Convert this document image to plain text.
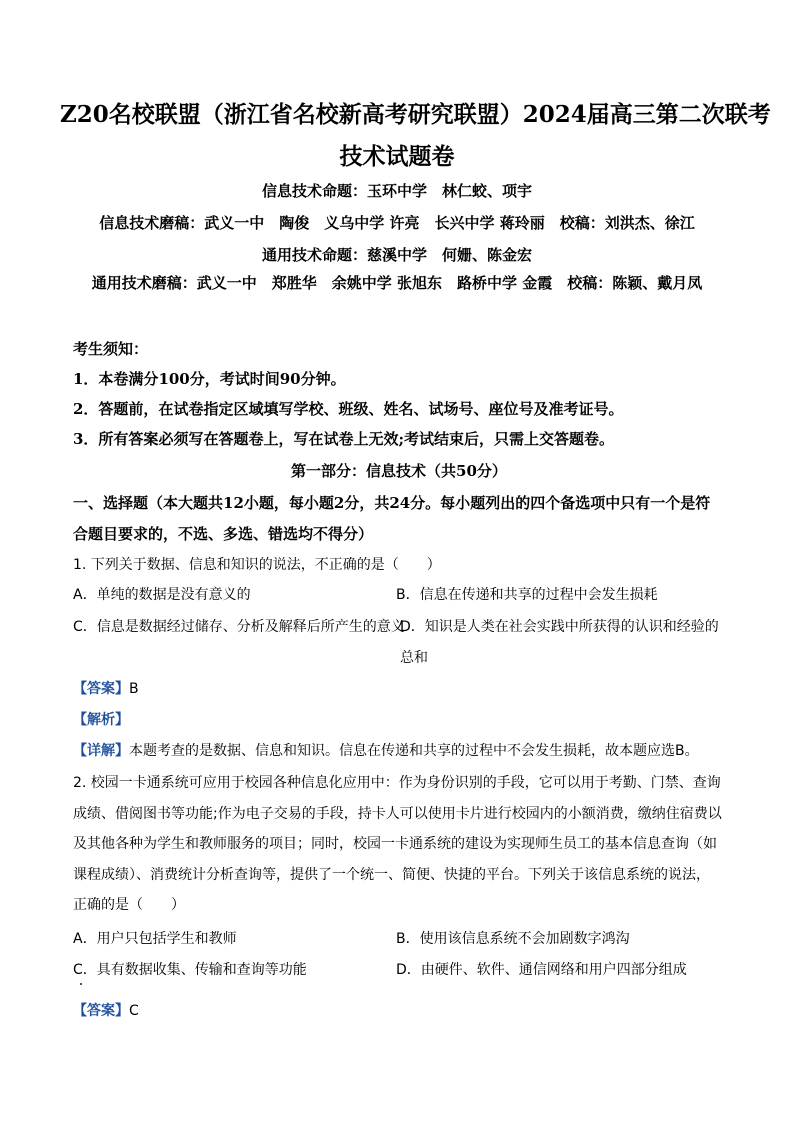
Z20名校联盟（浙江省名校新高考研究联盟）2024届高三第二次联考
技术试题卷
信息技术命题：玉环中学　林仁蛟、项宇
信息技术磨稿：武义一中　陶俊　义乌中学 许亮　长兴中学 蒋玲丽　校稿：刘洪杰、徐江
通用技术命题：慈溪中学　何姗、陈金宏
通用技术磨稿：武义一中　郑胜华　余姚中学 张旭东　路桥中学 金霞　校稿：陈颖、戴月凤
考生须知：
1．本卷满分100分，考试时间90分钟。
2．答题前，在试卷指定区域填写学校、班级、姓名、试场号、座位号及准考证号。
3．所有答案必须写在答题卷上，写在试卷上无效;考试结束后，只需上交答题卷。
第一部分：信息技术（共50分）
一、选择题（本大题共12小题，每小题2分，共24分。每小题列出的四个备选项中只有一个是符合题目要求的，不选、多选、错选均不得分）
1. 下列关于数据、信息和知识的说法，不正确的是（　　）
A．单纯的数据是没有意义的	B．信息在传递和共享的过程中会发生损耗
C．信息是数据经过储存、分析及解释后所产生的意义
D．知识是人类在社会实践中所获得的认识和经验的总和
【答案】B
【解析】
【详解】本题考查的是数据、信息和知识。信息在传递和共享的过程中不会发生损耗，故本题应选B。
2. 校园一卡通系统可应用于校园各种信息化应用中：作为身份识别的手段，它可以用于考勤、门禁、查询成绩、借阅图书等功能;作为电子交易的手段，持卡人可以使用卡片进行校园内的小额消费，缴纳住宿费以及其他各种为学生和教师服务的项目；同时，校园一卡通系统的建设为实现师生员工的基本信息查询（如课程成绩）、消费统计分析查询等，提供了一个统一、简便、快捷的平台。下列关于该信息系统的说法，正确的是（　　）
A．用户只包括学生和教师	B．使用该信息系统不会加剧数字鸿沟
C．具有数据收集、传输和查询等功能	D．由硬件、软件、通信网络和用户四部分组成
【答案】C
